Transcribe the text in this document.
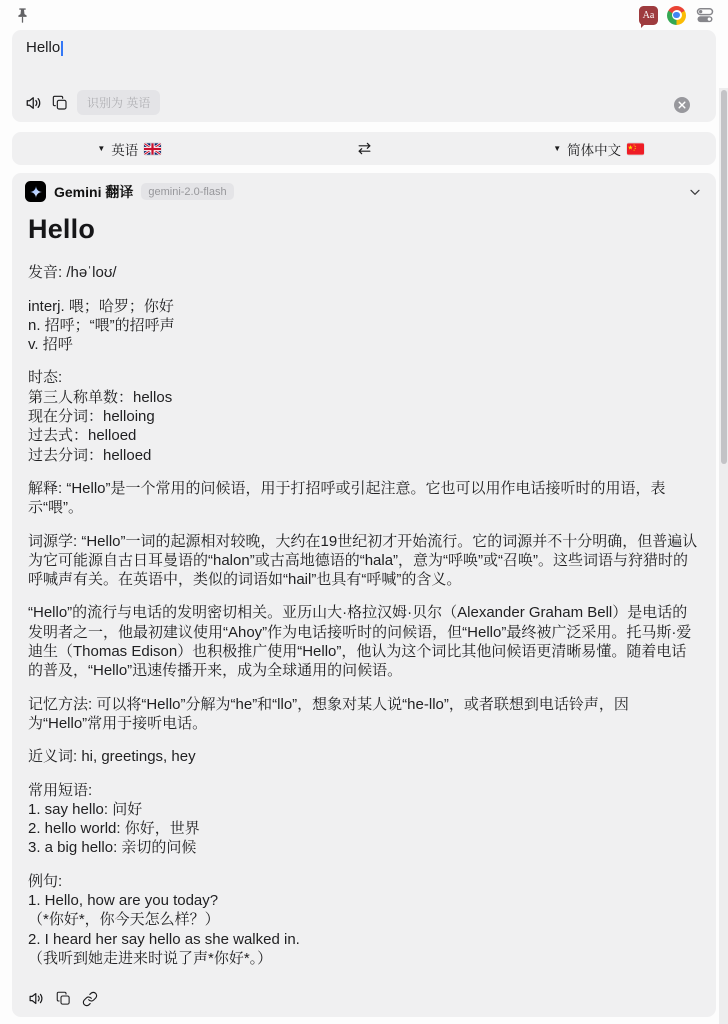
Aa
Hello
识别为 英语
▼ 英语	▼ 简体中文
Gemini 翻译	gemini-2.0-flash
Hello
发音: /həˈloʊ/
interj. 喂；哈罗；你好
n. 招呼；“喂”的招呼声
v. 招呼
时态:
第三人称单数：hellos
现在分词：helloing
过去式：helloed
过去分词：helloed
解释: “Hello”是一个常用的问候语，用于打招呼或引起注意。它也可以用作电话接听时的用语，表示“喂”。
词源学: “Hello”一词的起源相对较晚，大约在19世纪初才开始流行。它的词源并不十分明确，但普遍认为它可能源自古日耳曼语的“halon”或古高地德语的“hala”，意为“呼唤”或“召唤”。这些词语与狩猎时的呼喊声有关。在英语中，类似的词语如“hail”也具有“呼喊”的含义。
“Hello”的流行与电话的发明密切相关。亚历山大·格拉汉姆·贝尔（Alexander Graham Bell）是电话的发明者之一，他最初建议使用“Ahoy”作为电话接听时的问候语，但“Hello”最终被广泛采用。托马斯·爱迪生（Thomas Edison）也积极推广使用“Hello”，他认为这个词比其他问候语更清晰易懂。随着电话的普及，“Hello”迅速传播开来，成为全球通用的问候语。
记忆方法: 可以将“Hello”分解为“he”和“llo”，想象对某人说“he-llo”，或者联想到电话铃声，因为“Hello”常用于接听电话。
近义词: hi, greetings, hey
常用短语:
1. say hello: 问好
2. hello world: 你好，世界
3. a big hello: 亲切的问候
例句:
1. Hello, how are you today?
（*你好*，你今天怎么样？）
2. I heard her say hello as she walked in.
（我听到她走进来时说了声*你好*。）
